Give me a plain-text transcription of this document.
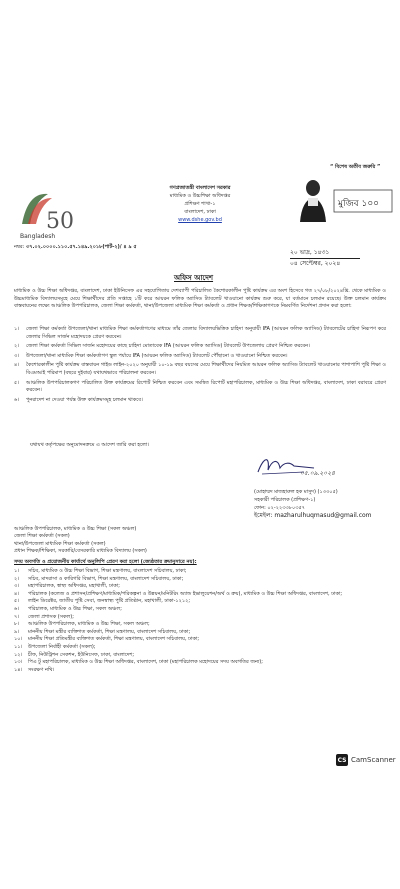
50
Bangladesh
মুজিব ১০০
“ বিশেষ অতীব জরুরি ”
গণপ্রজাতন্ত্রী বাংলাদেশ সরকার
মাধ্যমিক ও উচ্চশিক্ষা অধিদপ্তর
প্রশিক্ষণ শাখা-১
বাংলাদেশ, ঢাকা
www.dshe.gov.bd
নম্বর: ৩৭.০২.০০০০.১১০.৫৭.১৪৯.২০১৮(পার্ট-২)/ ৪ ৯ ৫
২০ ভাদ্র, ১৪৩১
০৪ সেপ্টেম্বর, ২০২৪
অফিস আদেশ
মাধ্যমিক ও উচ্চ শিক্ষা অধিদপ্তর, বাংলাদেশ, ঢাকা ইউনিসেফ এর সহযোগিতায় দেশব্যাপী পরিচালিত কৈশোরকালীন পুষ্টি কার্যক্রম এর অংশ হিসেবে গত ২৭/০৮/২০২৪খ্রি. থেকে মাধ্যমিক ও উচ্চমাধ্যমিক বিদ্যালয়সমূহে মেয়ে শিক্ষার্থীদের প্রতি সপ্তাহে ১টি করে আয়রন ফলিক অ্যাসিড ট্যাবলেট খাওয়ানো কার্যক্রম শুরু করে, যা বর্তমানে চলমান রয়েছে। উক্ত চলমান কার্যক্রম বাস্তবায়নের লক্ষ্যে আঞ্চলিক উপপরিচালক, জেলা শিক্ষা কর্মকর্তা, থানা/উপজেলা মাধ্যমিক শিক্ষা কর্মকর্তা ও প্রধান শিক্ষক/শিক্ষিকাগণকে নিম্নবর্ণিত নির্দেশনা প্রদান করা হলো:
১।	জেলা শিক্ষা কর্মকর্তা উপজেলা/থানা মাধ্যমিক শিক্ষা কর্মকর্তাগণের মাধ্যমে তাঁর জেলার বিদ্যালয়ভিত্তিক চাহিদা অনুযায়ী IFA (আয়রন ফলিক অ্যাসিড) ট্যাবলেটের চাহিদা নিরূপণ করে জেলার সিভিল সার্জন মহোদয়কে প্রেরণ করবেন।
২।	জেলা শিক্ষা কর্মকর্তা সিভিল সার্জন মহোদয়ের কাছে চাহিদা মোতাবেক IFA (আয়রন ফলিক অ্যাসিড) ট্যাবলেট উপজেলায় প্রেরণ নিশ্চিত করবেন।
৩।	উপজেলা/থানা মাধ্যমিক শিক্ষা কর্মকর্তাগণ স্কুল পর্যায়ে IFA (আয়রন ফলিক অ্যাসিড) ট্যাবলেট পৌঁছানো ও খাওয়ানো নিশ্চিত করবেন।
৪।	কৈশোরকালীন পুষ্টি কার্যক্রম বাস্তবায়ন গাইড লাইন-২০২০ অনুযায়ী ১০-১৯ বছর বয়সের মেয়ে শিক্ষার্থীদের নিয়মিত আয়রন ফলিক অ্যাসিড ট্যাবলেট খাওয়ানোর পাশাপাশি পুষ্টি শিক্ষা ও বিএমআই পরিমাপ (বছরে দুইবার) যথাযথভাবে পরিচালনা করবেন।
৫।	আঞ্চলিক উপপরিচালকগণ পরিচালিত উক্ত কার্যক্রমের রিপোর্ট নিশ্চিত করবেন এবং সমন্বিত রিপোর্ট মহাপরিচালক, মাধ্যমিক ও উচ্চ শিক্ষা অধিদপ্তর, বাংলাদেশ, ঢাকা বরাবরে প্রেরণ করবেন।
৬।	পুনরাদেশ না দেওয়া পর্যন্ত উক্ত কার্যক্রমসমূহ চলমান থাকবে।
যথাযথ কর্তৃপক্ষের অনুমোদনক্রমে এ আদেশ জারি করা হলো।
০৫.০৯.২০২৪
(মোহাম্মদ মাজহারুল হক মাসুদ) (১৩৩০৫)
সহকারী পরিচালক (প্রশিক্ষণ-১)
ফোন: ০২-২২৩৩৮০৩৫৭
ইমেইল: mazharulhuqmasud@gmail.com
আঞ্চলিক উপপরিচালক, মাধ্যমিক ও উচ্চ শিক্ষা (সকল অঞ্চল)
জেলা শিক্ষা কর্মকর্তা (সকল)
থানা/উপজেলা মাধ্যমিক শিক্ষা কর্মকর্তা (সকল)
প্রধান শিক্ষক/শিক্ষিকা, সরকারি/বেসরকারি মাধ্যমিক বিদ্যালয় (সকল)
সদয় অবগতি ও প্রয়োজনীয় কার্যার্থে অনুলিপি প্রেরণ করা হলো (জ্যেষ্ঠতার ক্রমানুসারে নয়):
১।	সচিব, মাধ্যমিক ও উচ্চ শিক্ষা বিভাগ, শিক্ষা মন্ত্রণালয়, বাংলাদেশ সচিবালয়, ঢাকা;
২।	সচিব, মাদরাসা ও কারিগরি বিভাগ, শিক্ষা মন্ত্রণালয়, বাংলাদেশ সচিবালয়, ঢাকা;
৩।	মহাপরিচালক, স্বাস্থ্য অধিদপ্তর, মহাখালী, ঢাকা;
৪।	পরিচালক (কলেজ ও প্রশাসন/প্রশিক্ষণ/মাধ্যমিক/পরিকল্পনা ও উন্নয়ন/মনিটরিং অ্যান্ড ইভালুয়েশন/অর্থ ও ক্রয়), মাধ্যমিক ও উচ্চ শিক্ষা অধিদপ্তর, বাংলাদেশ, ঢাকা;
৫।	লাইন ডিরেক্টর, জাতীয় পুষ্টি সেবা, জনস্বাস্থ্য পুষ্টি প্রতিষ্ঠান, মহাখালী, ঢাকা-১২১২;
৬।	পরিচালক, মাধ্যমিক ও উচ্চ শিক্ষা, সকল অঞ্চল;
৭।	জেলা প্রশাসক (সকল);
৮।	আঞ্চলিক উপপরিচালক, মাধ্যমিক ও উচ্চ শিক্ষা, সকল অঞ্চল;
৯।	মাননীয় শিক্ষা মন্ত্রীর ব্যক্তিগত কর্মকর্তা, শিক্ষা মন্ত্রণালয়, বাংলাদেশ সচিবালয়, ঢাকা;
১০।	মাননীয় শিক্ষা প্রতিমন্ত্রীর ব্যক্তিগত কর্মকর্তা, শিক্ষা মন্ত্রণালয়, বাংলাদেশ সচিবালয়, ঢাকা;
১১।	উপজেলা নির্বাহী কর্মকর্তা (সকল);
১২।	চীফ, নিউট্রিশন সেকশন, ইউনিসেফ, ঢাকা, বাংলাদেশ;
১৩।	পিএ টু মহাপরিচালক, মাধ্যমিক ও উচ্চ শিক্ষা অধিদপ্তর, বাংলাদেশ, ঢাকা (মহাপরিচালক মহোদয়ের সদয় অবগতির জন্য);
১৪।	সংরক্ষণ নথি।
CS CamScanner
